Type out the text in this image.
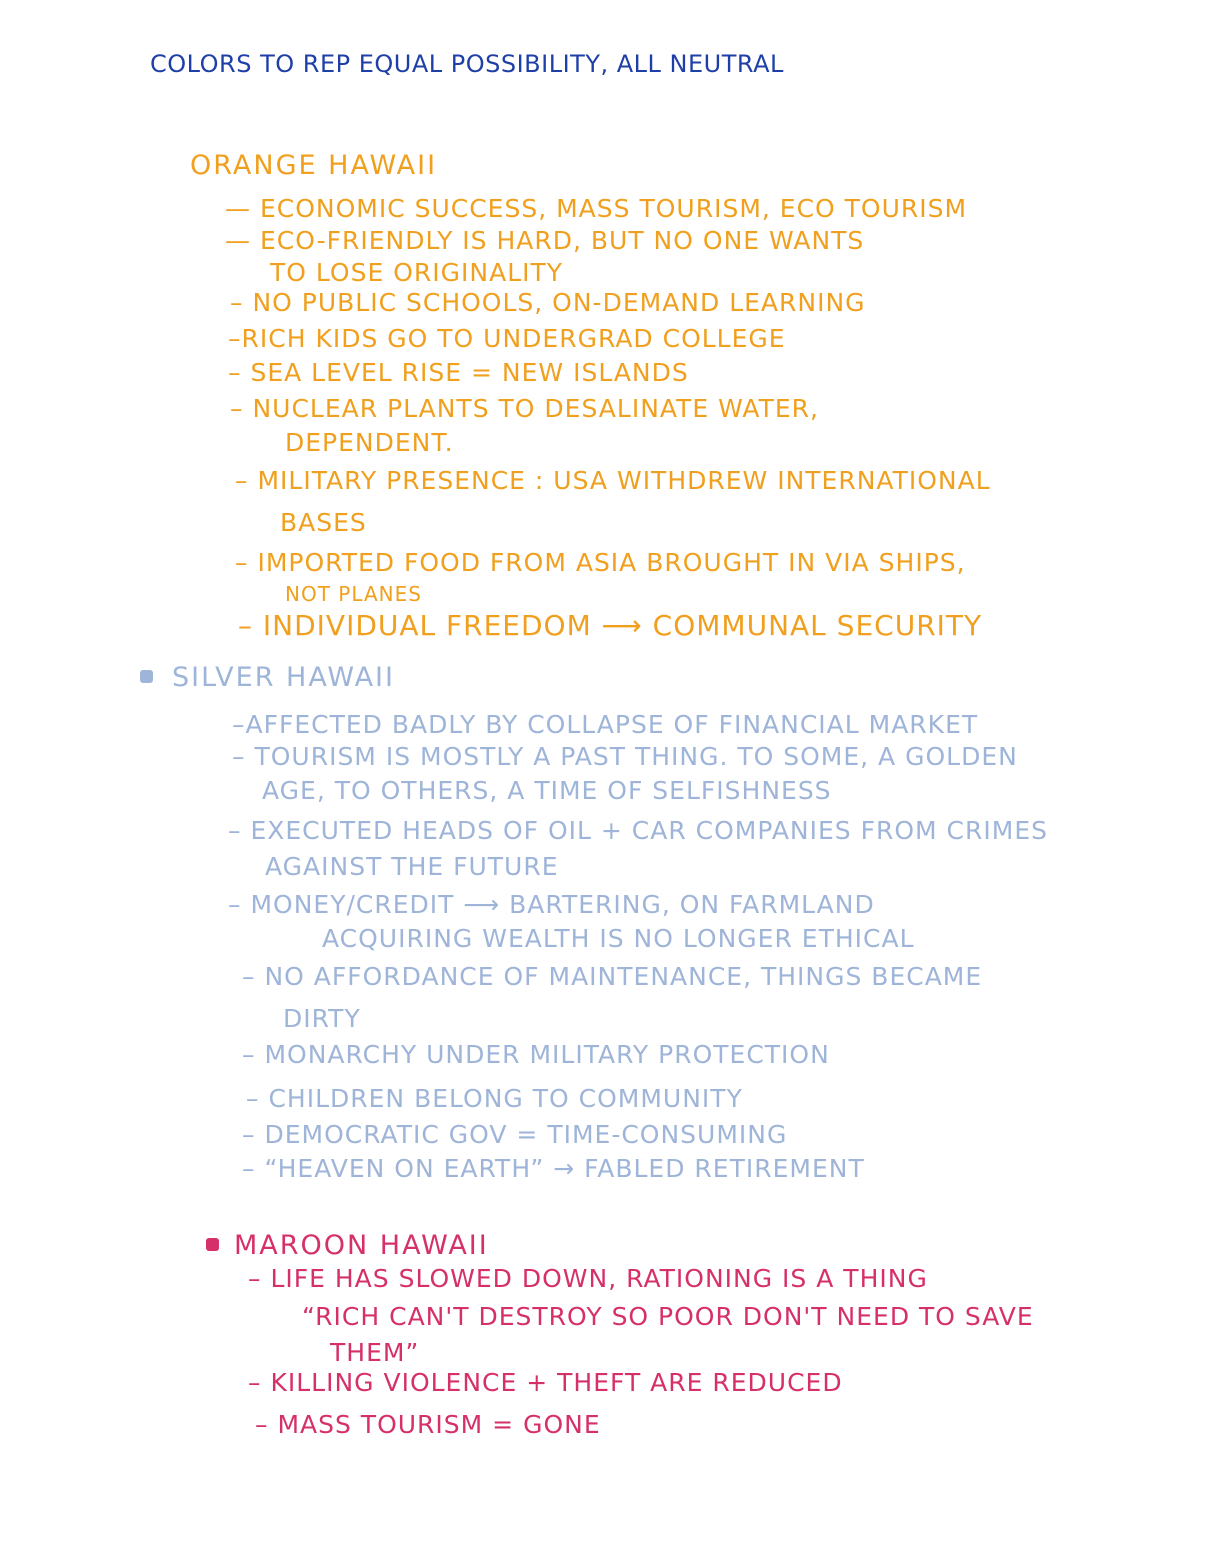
COLORS TO REP EQUAL POSSIBILITY, ALL NEUTRAL
ORANGE HAWAII
— ECONOMIC SUCCESS, MASS TOURISM, ECO TOURISM
— ECO-FRIENDLY IS HARD, BUT NO ONE WANTS
TO LOSE ORIGINALITY
– NO PUBLIC SCHOOLS, ON-DEMAND LEARNING
–RICH KIDS GO TO UNDERGRAD COLLEGE
– SEA LEVEL RISE = NEW ISLANDS
– NUCLEAR PLANTS TO DESALINATE WATER,
DEPENDENT.
– MILITARY PRESENCE : USA WITHDREW INTERNATIONAL
BASES
– IMPORTED FOOD FROM ASIA BROUGHT IN VIA SHIPS,
NOT PLANES
– INDIVIDUAL FREEDOM ⟶ COMMUNAL SECURITY
SILVER HAWAII
–AFFECTED BADLY BY COLLAPSE OF FINANCIAL MARKET
– TOURISM IS MOSTLY A PAST THING. TO SOME, A GOLDEN
AGE, TO OTHERS, A TIME OF SELFISHNESS
– EXECUTED HEADS OF OIL + CAR COMPANIES FROM CRIMES
AGAINST THE FUTURE
– MONEY/CREDIT ⟶ BARTERING, ON FARMLAND
ACQUIRING WEALTH IS NO LONGER ETHICAL
– NO AFFORDANCE OF MAINTENANCE, THINGS BECAME
DIRTY
– MONARCHY UNDER MILITARY PROTECTION
– CHILDREN BELONG TO COMMUNITY
– DEMOCRATIC GOV = TIME-CONSUMING
– “HEAVEN ON EARTH” → FABLED RETIREMENT
MAROON HAWAII
– LIFE HAS SLOWED DOWN, RATIONING IS A THING
“RICH CAN'T DESTROY SO POOR DON'T NEED TO SAVE
THEM”
– KILLING VIOLENCE + THEFT ARE REDUCED
– MASS TOURISM = GONE
